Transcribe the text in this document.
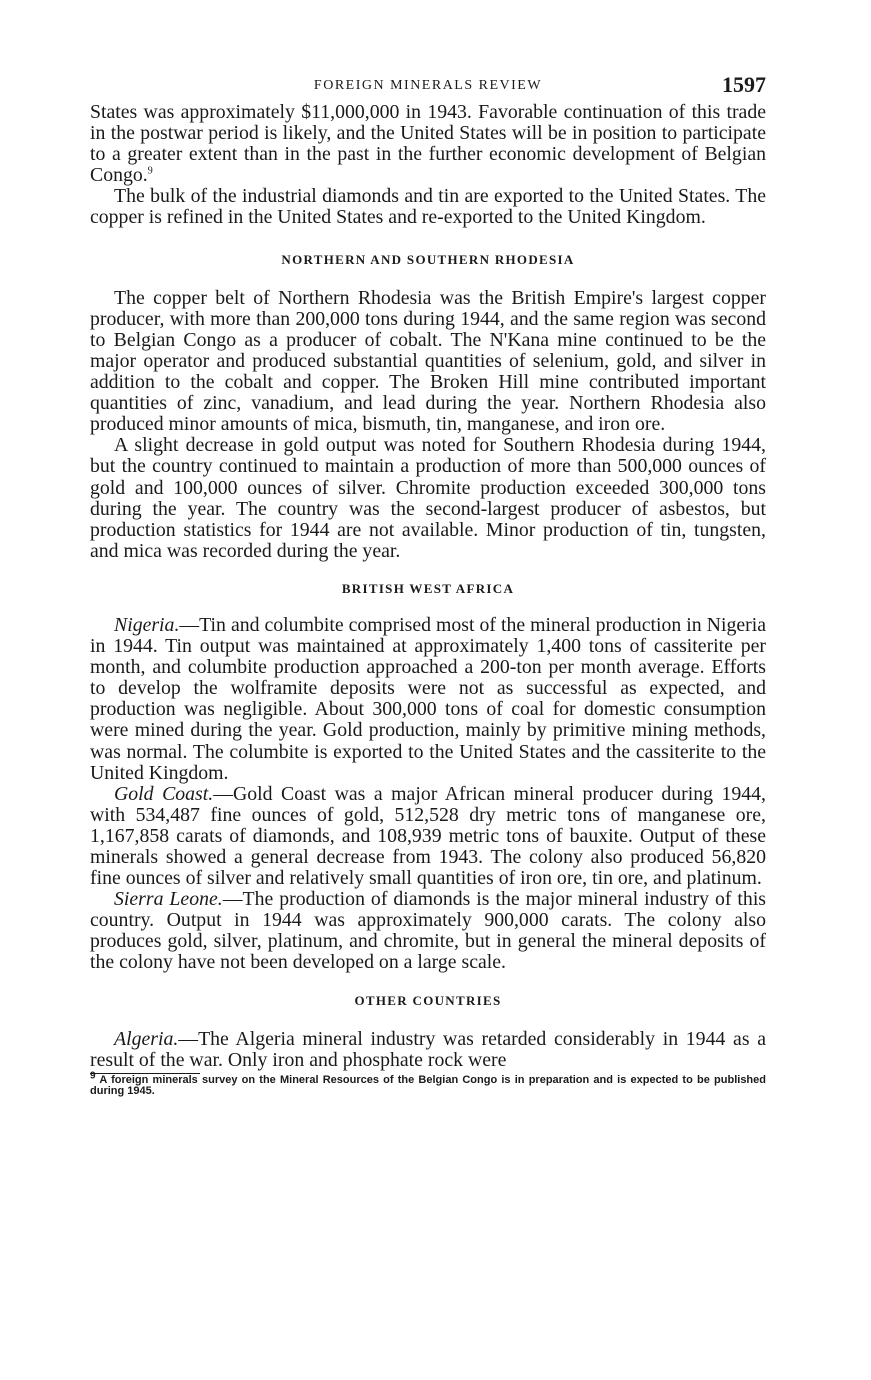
FOREIGN MINERALS REVIEW	1597

States was approximately $11,000,000 in 1943. Favorable continuation of this trade in the postwar period is likely, and the United States will be in position to participate to a greater extent than in the past in the further economic development of Belgian Congo.$^9$

The bulk of the industrial diamonds and tin are exported to the United States. The copper is refined in the United States and re-exported to the United Kingdom.

NORTHERN AND SOUTHERN RHODESIA

The copper belt of Northern Rhodesia was the British Empire's largest copper producer, with more than 200,000 tons during 1944, and the same region was second to Belgian Congo as a producer of cobalt. The N'Kana mine continued to be the major operator and produced substantial quantities of selenium, gold, and silver in addition to the cobalt and copper. The Broken Hill mine contributed important quantities of zinc, vanadium, and lead during the year. Northern Rhodesia also produced minor amounts of mica, bismuth, tin, manganese, and iron ore.

A slight decrease in gold output was noted for Southern Rhodesia during 1944, but the country continued to maintain a production of more than 500,000 ounces of gold and 100,000 ounces of silver. Chromite production exceeded 300,000 tons during the year. The country was the second-largest producer of asbestos, but production statistics for 1944 are not available. Minor production of tin, tungsten, and mica was recorded during the year.

BRITISH WEST AFRICA

Nigeria.—Tin and columbite comprised most of the mineral production in Nigeria in 1944. Tin output was maintained at approximately 1,400 tons of cassiterite per month, and columbite production approached a 200-ton per month average. Efforts to develop the wolframite deposits were not as successful as expected, and production was negligible. About 300,000 tons of coal for domestic consumption were mined during the year. Gold production, mainly by primitive mining methods, was normal. The columbite is exported to the United States and the cassiterite to the United Kingdom.

Gold Coast.—Gold Coast was a major African mineral producer during 1944, with 534,487 fine ounces of gold, 512,528 dry metric tons of manganese ore, 1,167,858 carats of diamonds, and 108,939 metric tons of bauxite. Output of these minerals showed a general decrease from 1943. The colony also produced 56,820 fine ounces of silver and relatively small quantities of iron ore, tin ore, and platinum.

Sierra Leone.—The production of diamonds is the major mineral industry of this country. Output in 1944 was approximately 900,000 carats. The colony also produces gold, silver, platinum, and chromite, but in general the mineral deposits of the colony have not been developed on a large scale.

OTHER COUNTRIES

Algeria.—The Algeria mineral industry was retarded considerably in 1944 as a result of the war. Only iron and phosphate rock were

$^9$ A foreign minerals survey on the Mineral Resources of the Belgian Congo is in preparation and is expected to be published during 1945.
